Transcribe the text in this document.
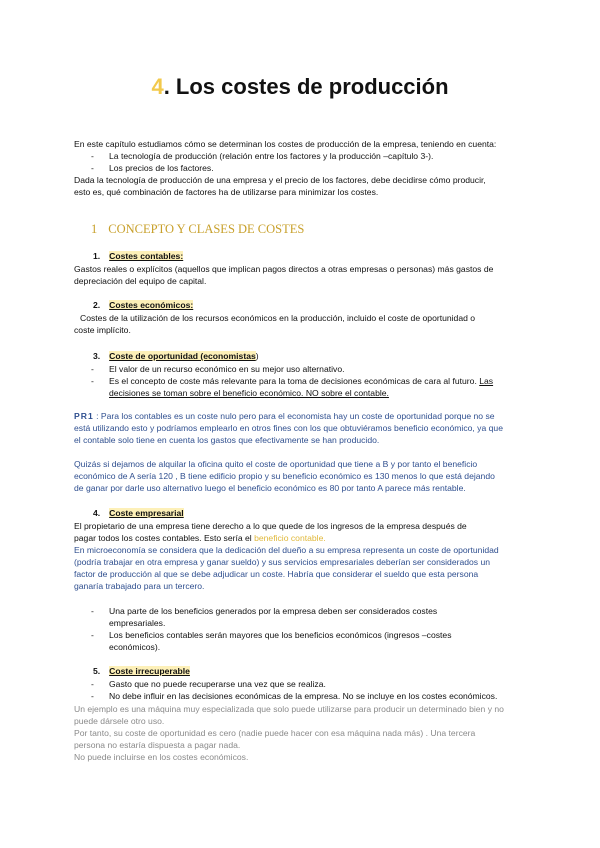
4. Los costes de producción
En este capítulo estudiamos cómo se determinan los costes de producción de la empresa, teniendo en cuenta:
- La tecnología de producción (relación entre los factores y la producción –capítulo 3-).
- Los precios de los factores.
Dada la tecnología de producción de una empresa y el precio de los factores, debe decidirse cómo producir,
esto es, qué combinación de factores ha de utilizarse para minimizar los costes.
1 CONCEPTO Y CLASES DE COSTES
1. Costes contables:
Gastos reales o explícitos (aquellos que implican pagos directos a otras empresas o personas) más gastos de
depreciación del equipo de capital.
2. Costes económicos:
Costes de la utilización de los recursos económicos en la producción, incluido el coste de oportunidad o
coste implícito.
3. Coste de oportunidad (economistas)
- El valor de un recurso económico en su mejor uso alternativo.
- Es el concepto de coste más relevante para la toma de decisiones económicas de cara al futuro. Las
decisiones se toman sobre el beneficio económico. NO sobre el contable.
PR1 : Para los contables es un coste nulo pero para el economista hay un coste de oportunidad porque no se
está utilizando esto y podríamos emplearlo en otros fines con los que obtuviéramos beneficio económico, ya que
el contable solo tiene en cuenta los gastos que efectivamente se han producido.
Quizás si dejamos de alquilar la oficina quito el coste de oportunidad que tiene a B y por tanto el beneficio
económico de A sería 120 , B tiene edificio propio y su beneficio económico es 130 menos lo que está dejando
de ganar por darle uso alternativo luego el beneficio económico es 80 por tanto A parece más rentable.
4. Coste empresarial
El propietario de una empresa tiene derecho a lo que quede de los ingresos de la empresa después de
pagar todos los costes contables. Esto sería el beneficio contable.
En microeconomía se considera que la dedicación del dueño a su empresa representa un coste de oportunidad
(podría trabajar en otra empresa y ganar sueldo) y sus servicios empresariales deberían ser considerados un
factor de producción al que se debe adjudicar un coste. Habría que considerar el sueldo que esta persona
ganaría trabajado para un tercero.
- Una parte de los beneficios generados por la empresa deben ser considerados costes
empresariales.
- Los beneficios contables serán mayores que los beneficios económicos (ingresos –costes
económicos).
5. Coste irrecuperable
- Gasto que no puede recuperarse una vez que se realiza.
- No debe influir en las decisiones económicas de la empresa. No se incluye en los costes económicos.
Un ejemplo es una máquina muy especializada que solo puede utilizarse para producir un determinado bien y no
puede dársele otro uso.
Por tanto, su coste de oportunidad es cero (nadie puede hacer con esa máquina nada más) . Una tercera
persona no estaría dispuesta a pagar nada.
No puede incluirse en los costes económicos.
